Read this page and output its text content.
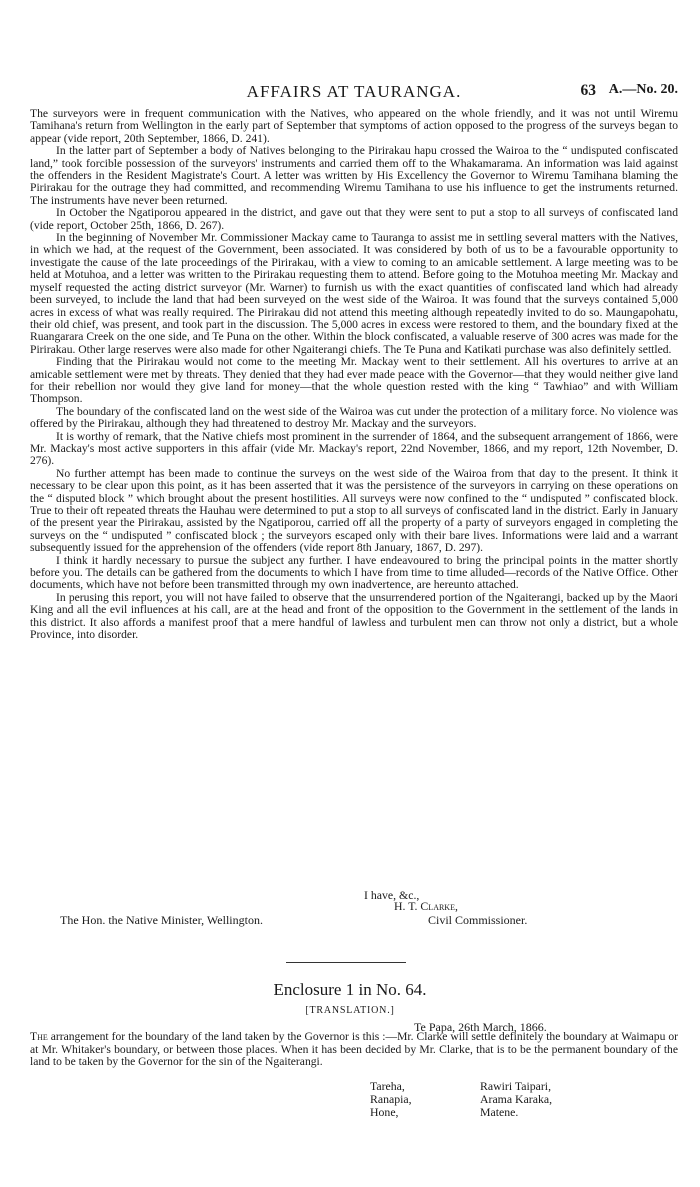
AFFAIRS AT TAURANGA.	63 A.—No. 20.

The surveyors were in frequent communication with the Natives, who appeared on the whole friendly, and it was not until Wiremu Tamihana's return from Wellington in the early part of September that symptoms of action opposed to the progress of the surveys began to appear (vide report, 20th September, 1866, D. 241).

In the latter part of September a body of Natives belonging to the Pirirakau hapu crossed the Wairoa to the “ undisputed confiscated land,” took forcible possession of the surveyors' instruments and carried them off to the Whakamarama. An information was laid against the offenders in the Resident Magistrate's Court. A letter was written by His Excellency the Governor to Wiremu Tamihana blaming the Pirirakau for the outrage they had committed, and recommending Wiremu Tamihana to use his influence to get the instruments returned. The instruments have never been returned.

In October the Ngatiporou appeared in the district, and gave out that they were sent to put a stop to all surveys of confiscated land (vide report, October 25th, 1866, D. 267).

In the beginning of November Mr. Commissioner Mackay came to Tauranga to assist me in settling several matters with the Natives, in which we had, at the request of the Government, been associated. It was considered by both of us to be a favourable opportunity to investigate the cause of the late proceedings of the Pirirakau, with a view to coming to an amicable settlement. A large meeting was to be held at Motuhoa, and a letter was written to the Pirirakau requesting them to attend. Before going to the Motuhoa meeting Mr. Mackay and myself requested the acting district surveyor (Mr. Warner) to furnish us with the exact quantities of confiscated land which had already been surveyed, to include the land that had been surveyed on the west side of the Wairoa. It was found that the surveys contained 5,000 acres in excess of what was really required. The Pirirakau did not attend this meeting although repeatedly invited to do so. Maungapohatu, their old chief, was present, and took part in the discussion. The 5,000 acres in excess were restored to them, and the boundary fixed at the Ruangarara Creek on the one side, and Te Puna on the other. Within the block confiscated, a valuable reserve of 300 acres was made for the Pirirakau. Other large reserves were also made for other Ngaiterangi chiefs. The Te Puna and Katikati purchase was also definitely settled.

Finding that the Pirirakau would not come to the meeting Mr. Mackay went to their settlement. All his overtures to arrive at an amicable settlement were met by threats. They denied that they had ever made peace with the Governor—that they would neither give land for their rebellion nor would they give land for money—that the whole question rested with the king “ Tawhiao” and with William Thompson.

The boundary of the confiscated land on the west side of the Wairoa was cut under the protection of a military force. No violence was offered by the Pirirakau, although they had threatened to destroy Mr. Mackay and the surveyors.

It is worthy of remark, that the Native chiefs most prominent in the surrender of 1864, and the subsequent arrangement of 1866, were Mr. Mackay's most active supporters in this affair (vide Mr. Mackay's report, 22nd November, 1866, and my report, 12th November, D. 276).

No further attempt has been made to continue the surveys on the west side of the Wairoa from that day to the present. It think it necessary to be clear upon this point, as it has been asserted that it was the persistence of the surveyors in carrying on these operations on the “ disputed block ” which brought about the present hostilities. All surveys were now confined to the “ undisputed ” confiscated block. True to their oft repeated threats the Hauhau were determined to put a stop to all surveys of confiscated land in the district. Early in January of the present year the Pirirakau, assisted by the Ngatiporou, carried off all the property of a party of surveyors engaged in completing the surveys on the “ undisputed ” confiscated block ; the surveyors escaped only with their bare lives. Informations were laid and a warrant subsequently issued for the apprehension of the offenders (vide report 8th January, 1867, D. 297).

I think it hardly necessary to pursue the subject any further. I have endeavoured to bring the principal points in the matter shortly before you. The details can be gathered from the documents to which I have from time to time alluded—records of the Native Office. Other documents, which have not before been transmitted through my own inadvertence, are hereunto attached.

In perusing this report, you will not have failed to observe that the unsurrendered portion of the Ngaiterangi, backed up by the Maori King and all the evil influences at his call, are at the head and front of the opposition to the Government in the settlement of the lands in this district. It also affords a manifest proof that a mere handful of lawless and turbulent men can throw not only a district, but a whole Province, into disorder.

I have, &c.,
H. T. Clarke,
The Hon. the Native Minister, Wellington.	Civil Commissioner.
Enclosure 1 in No. 64.
[TRANSLATION.]
Te Papa, 26th March, 1866.
The arrangement for the boundary of the land taken by the Governor is this :—Mr. Clarke will settle definitely the boundary at Waimapu or at Mr. Whitaker's boundary, or between those places. When it has been decided by Mr. Clarke, that is to be the permanent boundary of the land to be taken by the Governor for the sin of the Ngaiterangi.
Tareha,
Ranapia,
Hone,
Rawiri Taipari,
Arama Karaka,
Matene.
